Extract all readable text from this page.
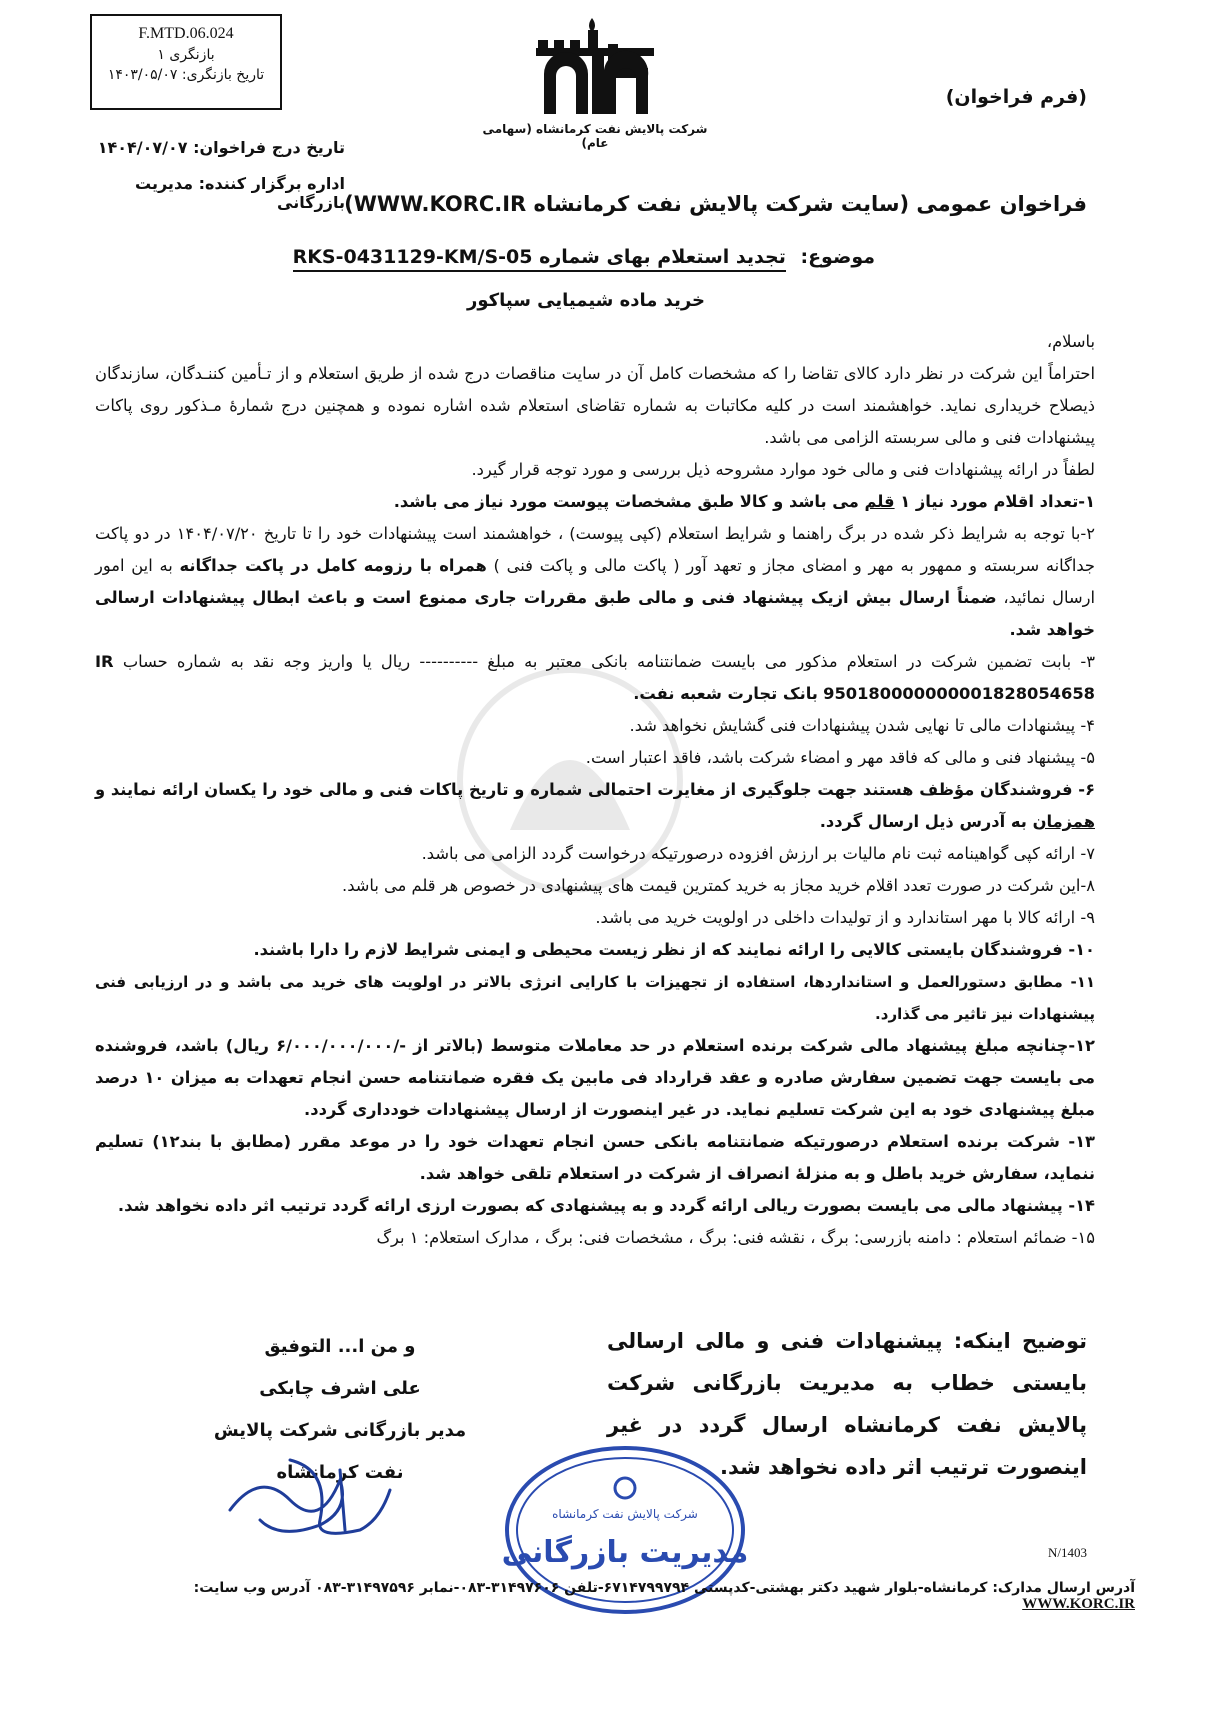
F.MTD.06.024
بازنگری ۱
تاریخ بازنگری: ۱۴۰۳/۰۵/۰۷
شرکت پالایش نفت کرمانشاه (سهامی عام)
(فرم فراخوان)
تاریخ درج فراخوان: ۱۴۰۴/۰۷/۰۷
اداره برگزار کننده: مدیریت بازرگانی فراخوان عمومی (سایت شرکت پالایش نفت کرمانشاه WWW.KORC.IR)
موضوع: تجدید استعلام بهای شماره RKS-0431129-KM/S-05
خرید ماده شیمیایی سپاکور

باسلام،

احتراماً این شرکت در نظر دارد کالای تقاضا را که مشخصات کامل آن در سایت مناقصات درج شده از طریق استعلام و از تـأمین کننـدگان، سازندگان ذیصلاح خریداری نماید. خواهشمند است در کلیه مکاتبات به شماره تقاضای استعلام شده اشاره نموده و همچنین درج شمارهٔ مـذکور روی پاکات پیشنهادات فنی و مالی سربسته الزامی می باشد.

لطفاً در ارائه پیشنهادات فنی و مالی خود موارد مشروحه ذیل بررسی و مورد توجه قرار گیرد.

۱-تعداد اقلام مورد نیاز ۱ قلم می باشد و کالا طبق مشخصات پیوست مورد نیاز می باشد.

۲-با توجه به شرایط ذکر شده در برگ راهنما و شرایط استعلام (کپی پیوست) ، خواهشمند است پیشنهادات خود را تا تاریخ ۱۴۰۴/۰۷/۲۰ در دو پاکت جداگانه سربسته و ممهور به مهر و امضای مجاز و تعهد آور ( پاکت مالی و پاکت فنی ) همراه با رزومه کامل در پاکت جداگانه به این امور ارسال نمائید، ضمناً ارسال بیش ازیک پیشنهاد فنی و مالی طبق مقررات جاری ممنوع است و باعث ابطال پیشنهادات ارسالی خواهد شد.

۳- بابت تضمین شرکت در استعلام مذکور می بایست ضمانتنامه بانکی معتبر به مبلغ ---------- ریال یا واریز وجه نقد به شماره حساب IR 950180000000001828054658 بانک تجارت شعبه نفت.

۴- پیشنهادات مالی تا نهایی شدن پیشنهادات فنی گشایش نخواهد شد.

۵- پیشنهاد فنی و مالی که فاقد مهر و امضاء شرکت باشد، فاقد اعتبار است.

۶- فروشندگان مؤظف هستند جهت جلوگیری از مغایرت احتمالی شماره و تاریخ پاکات فنی و مالی خود را یکسان ارائه نمایند و همزمان به آدرس ذیل ارسال گردد.

۷- ارائه کپی گواهینامه ثبت نام مالیات بر ارزش افزوده درصورتیکه درخواست گردد الزامی می باشد.

۸-این شرکت در صورت تعدد اقلام خرید مجاز به خرید کمترین قیمت های پیشنهادی در خصوص هر قلم می باشد.

۹- ارائه کالا با مهر استاندارد و از تولیدات داخلی در اولویت خرید می باشد.

۱۰- فروشندگان بایستی کالایی را ارائه نمایند که از نظر زیست محیطی و ایمنی شرایط لازم را دارا باشند.

۱۱- مطابق دستورالعمل و استانداردها، استفاده از تجهیزات با کارایی انرژی بالاتر در اولویت های خرید می باشد و در ارزیابی فنی پیشنهادات نیز تاثیر می گذارد.

۱۲-چنانچه مبلغ پیشنهاد مالی شرکت برنده استعلام در حد معاملات متوسط (بالاتر از -/۶/۰۰۰/۰۰۰/۰۰۰ ریال) باشد، فروشنده می بایست جهت تضمین سفارش صادره و عقد قرارداد فی مابین یک فقره ضمانتنامه حسن انجام تعهدات به میزان ۱۰ درصد مبلغ پیشنهادی خود به این شرکت تسلیم نماید. در غیر اینصورت از ارسال پیشنهادات خودداری گردد.

۱۳- شرکت برنده استعلام درصورتیکه ضمانتنامه بانکی حسن انجام تعهدات خود را در موعد مقرر (مطابق با بند۱۲) تسلیم ننماید، سفارش خرید باطل و به منزلهٔ انصراف از شرکت در استعلام تلقی خواهد شد.

۱۴- پیشنهاد مالی می بایست بصورت ریالی ارائه گردد و به پیشنهادی که بصورت ارزی ارائه گردد ترتیب اثر داده نخواهد شد.

۱۵- ضمائم استعلام : دامنه بازرسی: برگ ، نقشه فنی: برگ ، مشخصات فنی: برگ ، مدارک استعلام: ۱ برگ

توضیح اینکه: پیشنهادات فنی و مالی ارسالی بایستی خطاب به مدیریت بازرگانی شرکت پالایش نفت کرمانشاه ارسال گردد در غیر اینصورت ترتیب اثر داده نخواهد شد.
و من ا... التوفیق
علی اشرف چابکی
مدیر بازرگانی شرکت پالایش نفت کرمانشاه
شرکت پالایش نفت کرمانشاه
مدیریت بازرگانی	N/1403
آدرس ارسال مدارک: کرمانشاه-بلوار شهید دکتر بهشتی-کدپستی ۶۷۱۴۷۹۹۷۹۴-تلفن ۳۱۴۹۷۶۰۶-۰۸۳-نمابر ۳۱۴۹۷۵۹۶-۰۸۳ آدرس وب سایت: WWW.KORC.IR
